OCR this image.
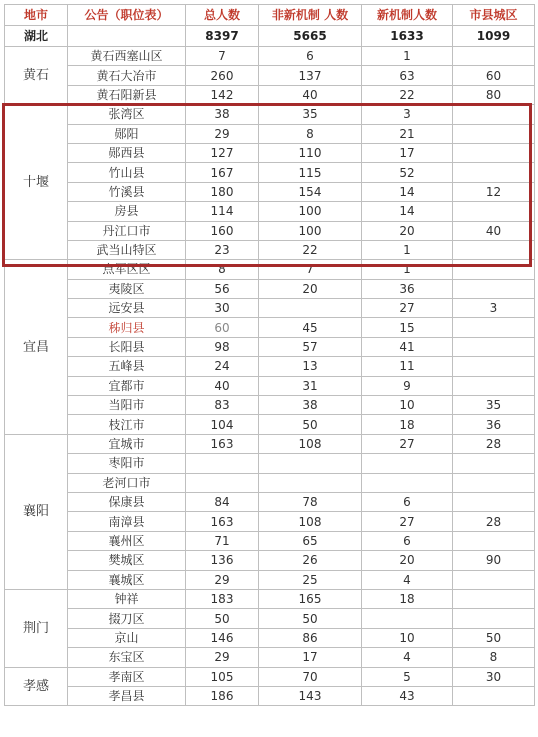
地市	公告（职位表）	总人数	非新机制 人数	新机制人数	市县城区
湖北		8397	5665	1633	1099
黄石	黄石西塞山区	7	6	1	
	黄石大冶市	260	137	63	60
	黄石阳新县	142	40	22	80
十堰	张湾区	38	35	3	
	郧阳	29	8	21	
	郧西县	127	110	17	
	竹山县	167	115	52	
	竹溪县	180	154	14	12
	房县	114	100	14	
	丹江口市	160	100	20	40
	武当山特区	23	22	1	
宜昌	点军区区	8	7	1	
	夷陵区	56	20	36	
	远安县	30		27	3
	秭归县	60	45	15	
	长阳县	98	57	41	
	五峰县	24	13	11	
	宜都市	40	31	9	
	当阳市	83	38	10	35
	枝江市	104	50	18	36
襄阳	宜城市	163	108	27	28
	枣阳市				
	老河口市				
	保康县	84	78	6	
	南漳县	163	108	27	28
	襄州区	71	65	6	
	樊城区	136	26	20	90
	襄城区	29	25	4	
荆门	钟祥	183	165	18	
	掇刀区	50	50		
	京山	146	86	10	50
	东宝区	29	17	4	8
孝感	孝南区	105	70	5	30
	孝昌县	186	143	43	
